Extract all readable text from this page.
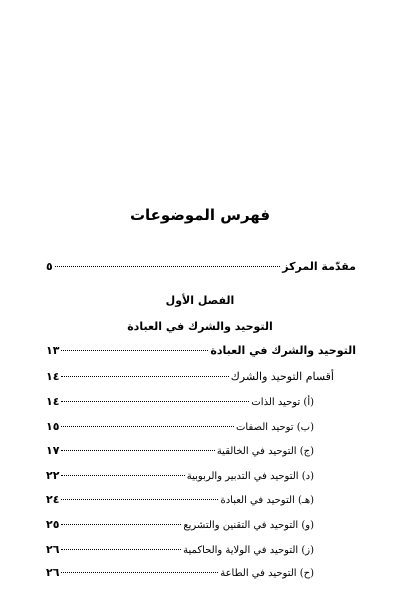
فهرس الموضوعات
مقدّمة المركز
٥
الفصل الأول
التوحيد والشرك في العبادة
التوحيد والشرك في العبادة
١٣
أقسام التوحيد والشرك
١٤
(أ) توحيد الذات
١٤
(ب) توحيد الصفات
١٥
(ج) التوحيد في الخالقية
١٧
(د) التوحيد في التدبير والربوبية
٢٢
(هـ) التوحيد في العبادة
٢٤
(و) التوحيد في التقنين والتشريع
٢٥
(ز) التوحيد في الولاية والحاكمية
٢٦
(ح) التوحيد في الطاعة
٢٦
